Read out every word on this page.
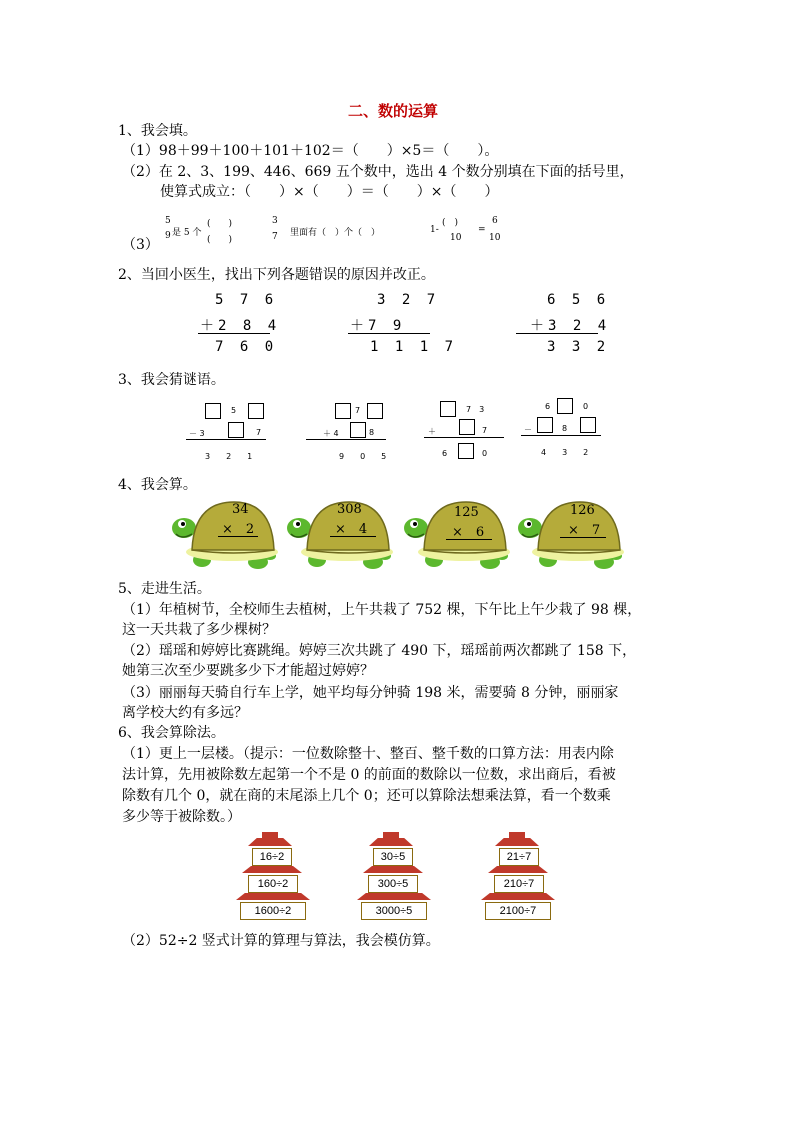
二、数的运算
1、我会填。
（1）98＋99＋100＋101＋102＝（　　）×5＝（　　）。
（2）在 2、3、199、446、669 五个数中，选出 4 个数分别填在下面的括号里，
使算式成立：（　　）×（　　）＝（　　）×（　　）
（3）
5
9 是 5 个
(　　)
(　　)
3
7 里面有（　）个（　）	1-
(　)
10
=
6
10
2、当回小医生，找出下列各题错误的原因并改正。
5 7 6
＋2 8 4
7 6 0
3 2 7
＋7 9
1 1 1 7
6 5 6
＋3 2 4
3 3 2
3、我会猜谜语。
5
－ 3	7
3　　2　　1
7
＋ 4	8
9　　0　　5
7　3
＋	7
6	0
6	0
－	8
4　　3　　2
4、我会算。
34
×　2
308
×　4
125
×　6
126
×　7
5、走进生活。
（1）年植树节，全校师生去植树，上午共栽了 752 棵，下午比上午少栽了 98 棵，
这一天共栽了多少棵树？
（2）瑶瑶和婷婷比赛跳绳。婷婷三次共跳了 490 下，瑶瑶前两次都跳了 158 下，
她第三次至少要跳多少下才能超过婷婷？
（3）丽丽每天骑自行车上学，她平均每分钟骑 198 米，需要骑 8 分钟，丽丽家
离学校大约有多远？
6、我会算除法。
（1）更上一层楼。（提示：一位数除整十、整百、整千数的口算方法：用表内除
法计算，先用被除数左起第一个不是 0 的前面的数除以一位数，求出商后，看被
除数有几个 0，就在商的末尾添上几个 0；还可以算除法想乘法算，看一个数乘
多少等于被除数。）
16÷2
160÷2
1600÷2
30÷5
300÷5
3000÷5
21÷7
210÷7
2100÷7
（2）52÷2 竖式计算的算理与算法，我会模仿算。
